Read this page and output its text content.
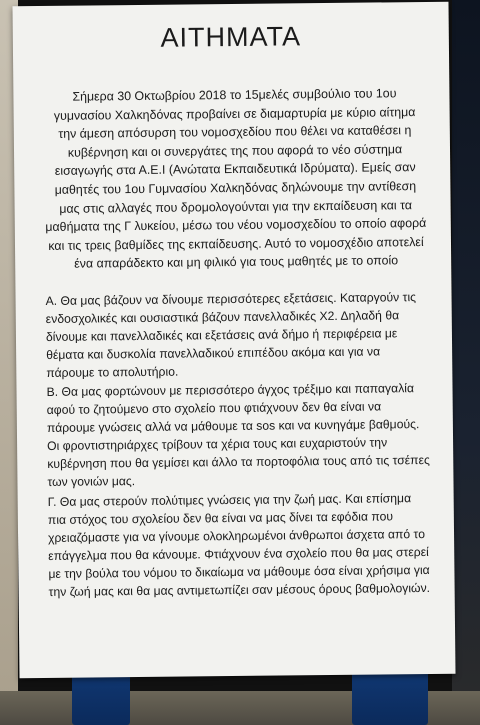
ΑΙΤΗΜΑΤΑ
Σήμερα 30 Οκτωβρίου 2018 το 15μελές συμβούλιο του 1ου γυμνασίου Χαλκηδόνας προβαίνει σε διαμαρτυρία με κύριο αίτημα την άμεση απόσυρση του νομοσχεδίου που θέλει να καταθέσει η κυβέρνηση και οι συνεργάτες της που αφορά το νέο σύστημα εισαγωγής στα Α.Ε.Ι (Ανώτατα Εκπαιδευτικά Ιδρύματα). Εμείς σαν μαθητές του 1ου Γυμνασίου Χαλκηδόνας δηλώνουμε την αντίθεση μας στις αλλαγές που δρομολογούνται για την εκπαίδευση και τα μαθήματα της Γ λυκείου, μέσω του νέου νομοσχεδίου το οποίο αφορά και τις τρεις βαθμίδες της εκπαίδευσης. Αυτό το νομοσχέδιο αποτελεί ένα απαράδεκτο και μη φιλικό για τους μαθητές με το οποίο
Α. Θα μας βάζουν να δίνουμε περισσότερες εξετάσεις. Καταργούν τις ενδοσχολικές και ουσιαστικά βάζουν πανελλαδικές Χ2. Δηλαδή θα δίνουμε και πανελλαδικές και εξετάσεις ανά δήμο ή περιφέρεια με θέματα και δυσκολία πανελλαδικού επιπέδου ακόμα και για να πάρουμε το απολυτήριο.
Β. Θα μας φορτώνουν με περισσότερο άγχος τρέξιμο και παπαγαλία αφού το ζητούμενο στο σχολείο που φτιάχνουν δεν θα είναι να πάρουμε γνώσεις αλλά να μάθουμε τα sos και να κυνηγάμε βαθμούς. Οι φροντιστηριάρχες τρίβουν τα χέρια τους και ευχαριστούν την κυβέρνηση που θα γεμίσει και άλλο τα πορτοφόλια τους από τις τσέπες των γονιών μας.
Γ. Θα μας στερούν πολύτιμες γνώσεις για την ζωή μας. Και επίσημα πια στόχος του σχολείου δεν θα είναι να μας δίνει τα εφόδια που χρειαζόμαστε για να γίνουμε ολοκληρωμένοι άνθρωποι άσχετα από το επάγγελμα που θα κάνουμε. Φτιάχνουν ένα σχολείο που θα μας στερεί με την βούλα του νόμου το δικαίωμα να μάθουμε όσα είναι χρήσιμα για την ζωή μας και θα μας αντιμετωπίζει σαν μέσους όρους βαθμολογιών.
